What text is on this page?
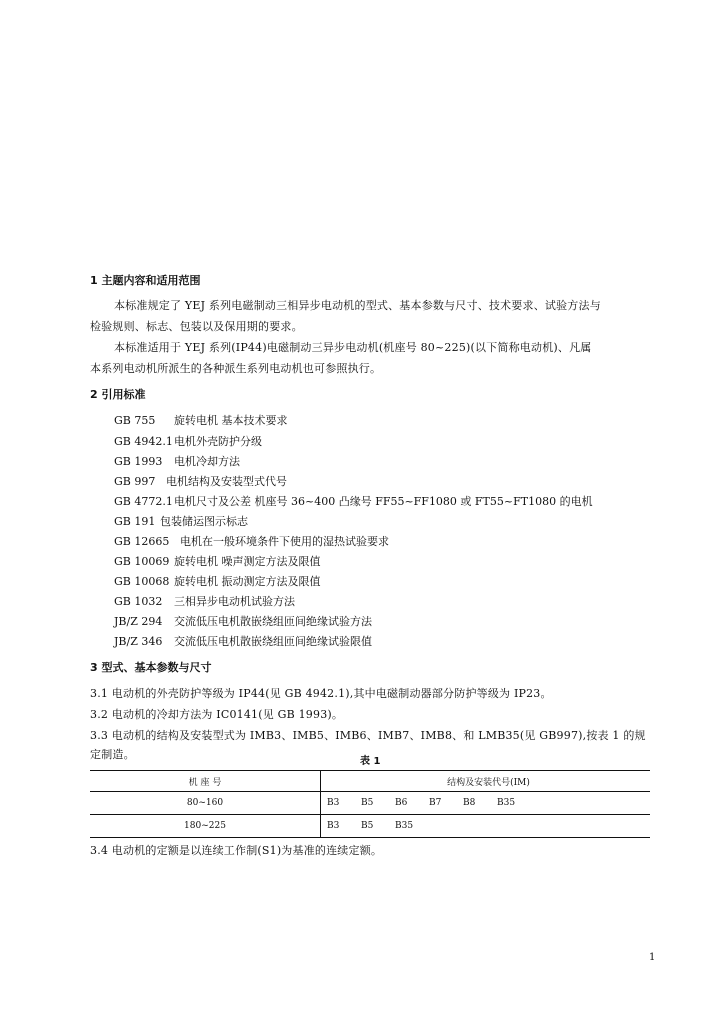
1 主题内容和适用范围
本标准规定了 YEJ 系列电磁制动三相异步电动机的型式、基本参数与尺寸、技术要求、试验方法与
检验规则、标志、包装以及保用期的要求。
本标准适用于 YEJ 系列(IP44)电磁制动三异步电动机(机座号 80~225)(以下简称电动机)、凡属
本系列电动机所派生的各种派生系列电动机也可参照执行。
2 引用标准
GB 755 旋转电机 基本技术要求
GB 4942.1电机外壳防护分级
GB 1993 电机冷却方法
GB 997 电机结构及安装型式代号
GB 4772.1电机尺寸及公差 机座号 36~400 凸缘号 FF55~FF1080 或 FT55~FT1080 的电机
GB 191 包装储运图示标志
GB 12665 电机在一般环境条件下使用的湿热试验要求
GB 10069 旋转电机 噪声测定方法及限值
GB 10068 旋转电机 振动测定方法及限值
GB 1032 三相异步电动机试验方法
JB/Z 294 交流低压电机散嵌绕组匝间绝缘试验方法
JB/Z 346 交流低压电机散嵌绕组匝间绝缘试验限值
3 型式、基本参数与尺寸
3.1 电动机的外壳防护等级为 IP44(见 GB 4942.1),其中电磁制动器部分防护等级为 IP23。
3.2 电动机的冷却方法为 IC0141(见 GB 1993)。
3.3 电动机的结构及安装型式为 IMB3、IMB5、IMB6、IMB7、IMB8、和 LMB35(见 GB997),按表 1 的规
定制造。
表 1
机 座 号	结构及安装代号(IM)
80~160	B3 B5 B6 B7 B8 B35
180~225	B3 B5 B35
3.4 电动机的定额是以连续工作制(S1)为基准的连续定额。
1
